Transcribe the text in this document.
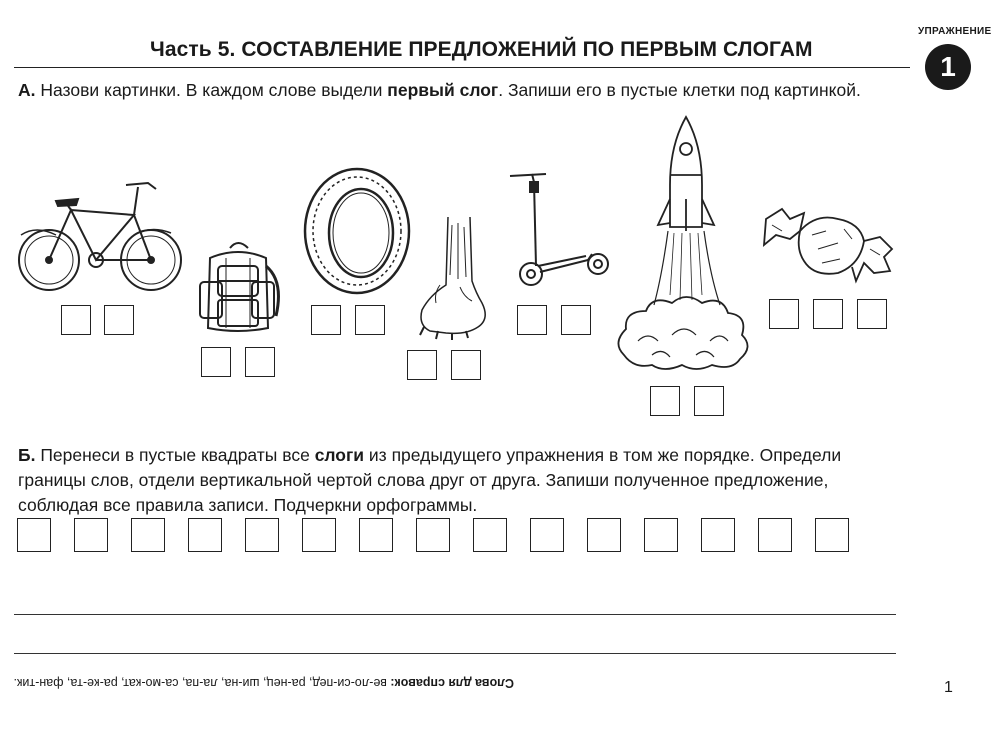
Часть 5. СОСТАВЛЕНИЕ ПРЕДЛОЖЕНИЙ ПО ПЕРВЫМ СЛОГАМ
УПРАЖНЕНИЕ
1
А. Назови картинки. В каждом слове выдели первый слог. Запиши его в пустые клетки под картинкой.
Б. Перенеси в пустые квадраты все слоги из предыдущего упражнения в том же порядке. Определи границы слов, отдели вертикальной чертой слова друг от друга. Запиши полученное предложение, соблюдая все правила записи. Подчеркни орфограммы.
Слова для справок: ве-ло-си-пед, ра-нец, ши-на, ла-па, са-мо-кат, ра-ке-та, фан-тик.	1
